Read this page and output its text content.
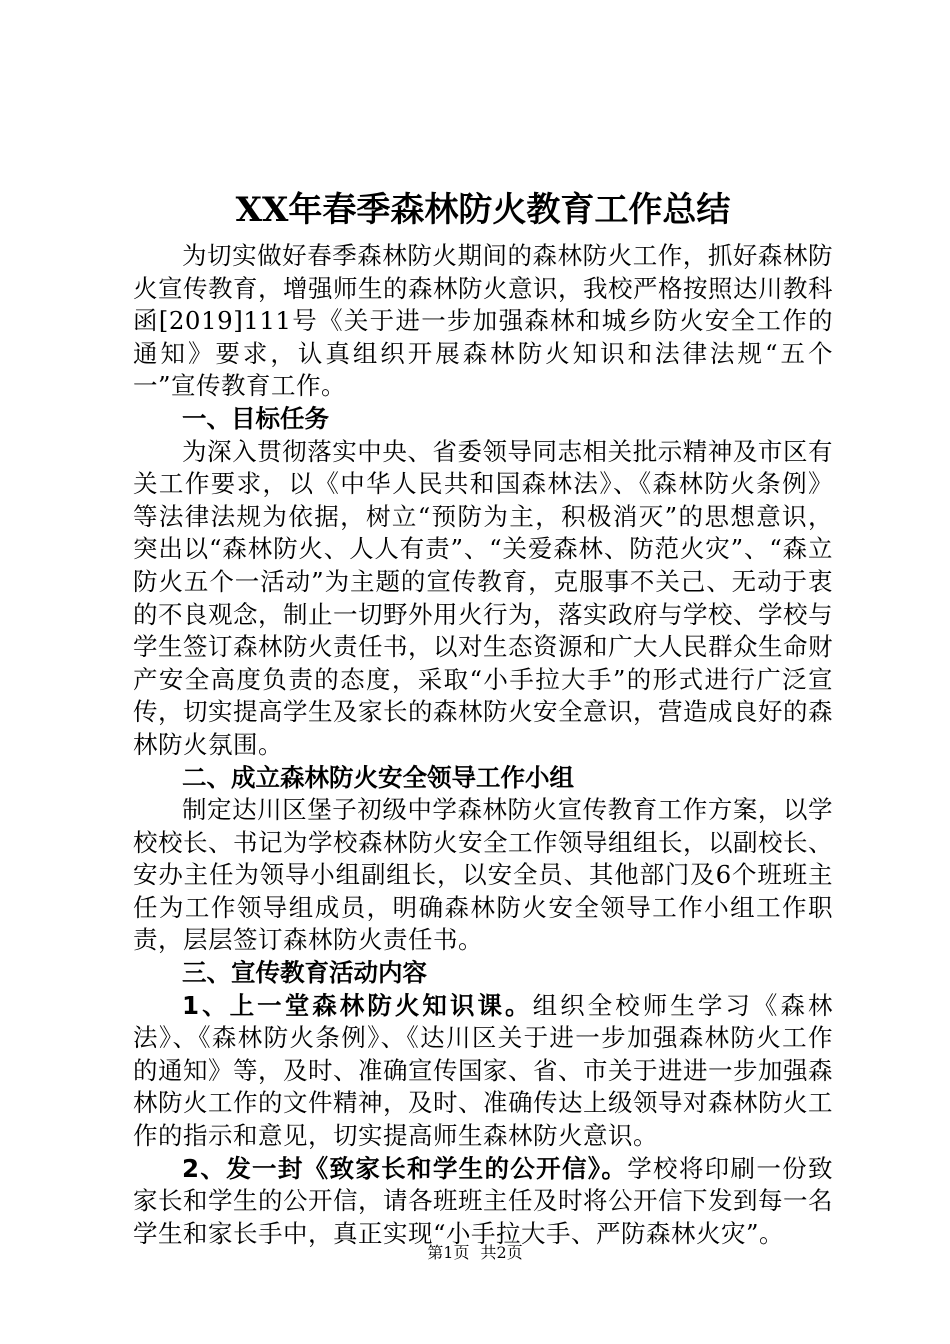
XX年春季森林防火教育工作总结

为切实做好春季森林防火期间的森林防火工作，抓好森林防火宣传教育，增强师生的森林防火意识，我校严格按照达川教科函[2019]111号《关于进一步加强森林和城乡防火安全工作的通知》要求，认真组织开展森林防火知识和法律法规“五个一”宣传教育工作。

一、目标任务

为深入贯彻落实中央、省委领导同志相关批示精神及市区有关工作要求，以《中华人民共和国森林法》、《森林防火条例》等法律法规为依据，树立“预防为主，积极消灭”的思想意识，突出以“森林防火、人人有责”、“关爱森林、防范火灾”、“森立防火五个一活动”为主题的宣传教育，克服事不关己、无动于衷的不良观念，制止一切野外用火行为，落实政府与学校、学校与学生签订森林防火责任书，以对生态资源和广大人民群众生命财产安全高度负责的态度，采取“小手拉大手”的形式进行广泛宣传，切实提高学生及家长的森林防火安全意识，营造成良好的森林防火氛围。

二、成立森林防火安全领导工作小组

制定达川区堡子初级中学森林防火宣传教育工作方案，以学校校长、书记为学校森林防火安全工作领导组组长，以副校长、安办主任为领导小组副组长，以安全员、其他部门及6个班班主任为工作领导组成员，明确森林防火安全领导工作小组工作职责，层层签订森林防火责任书。

三、宣传教育活动内容

1、上一堂森林防火知识课。组织全校师生学习《森林法》、《森林防火条例》、《达川区关于进一步加强森林防火工作的通知》等，及时、准确宣传国家、省、市关于进进一步加强森林防火工作的文件精神，及时、准确传达上级领导对森林防火工作的指示和意见，切实提高师生森林防火意识。

2、发一封《致家长和学生的公开信》。学校将印刷一份致家长和学生的公开信，请各班班主任及时将公开信下发到每一名学生和家长手中，真正实现“小手拉大手、严防森林火灾”。

第1页 共2页
